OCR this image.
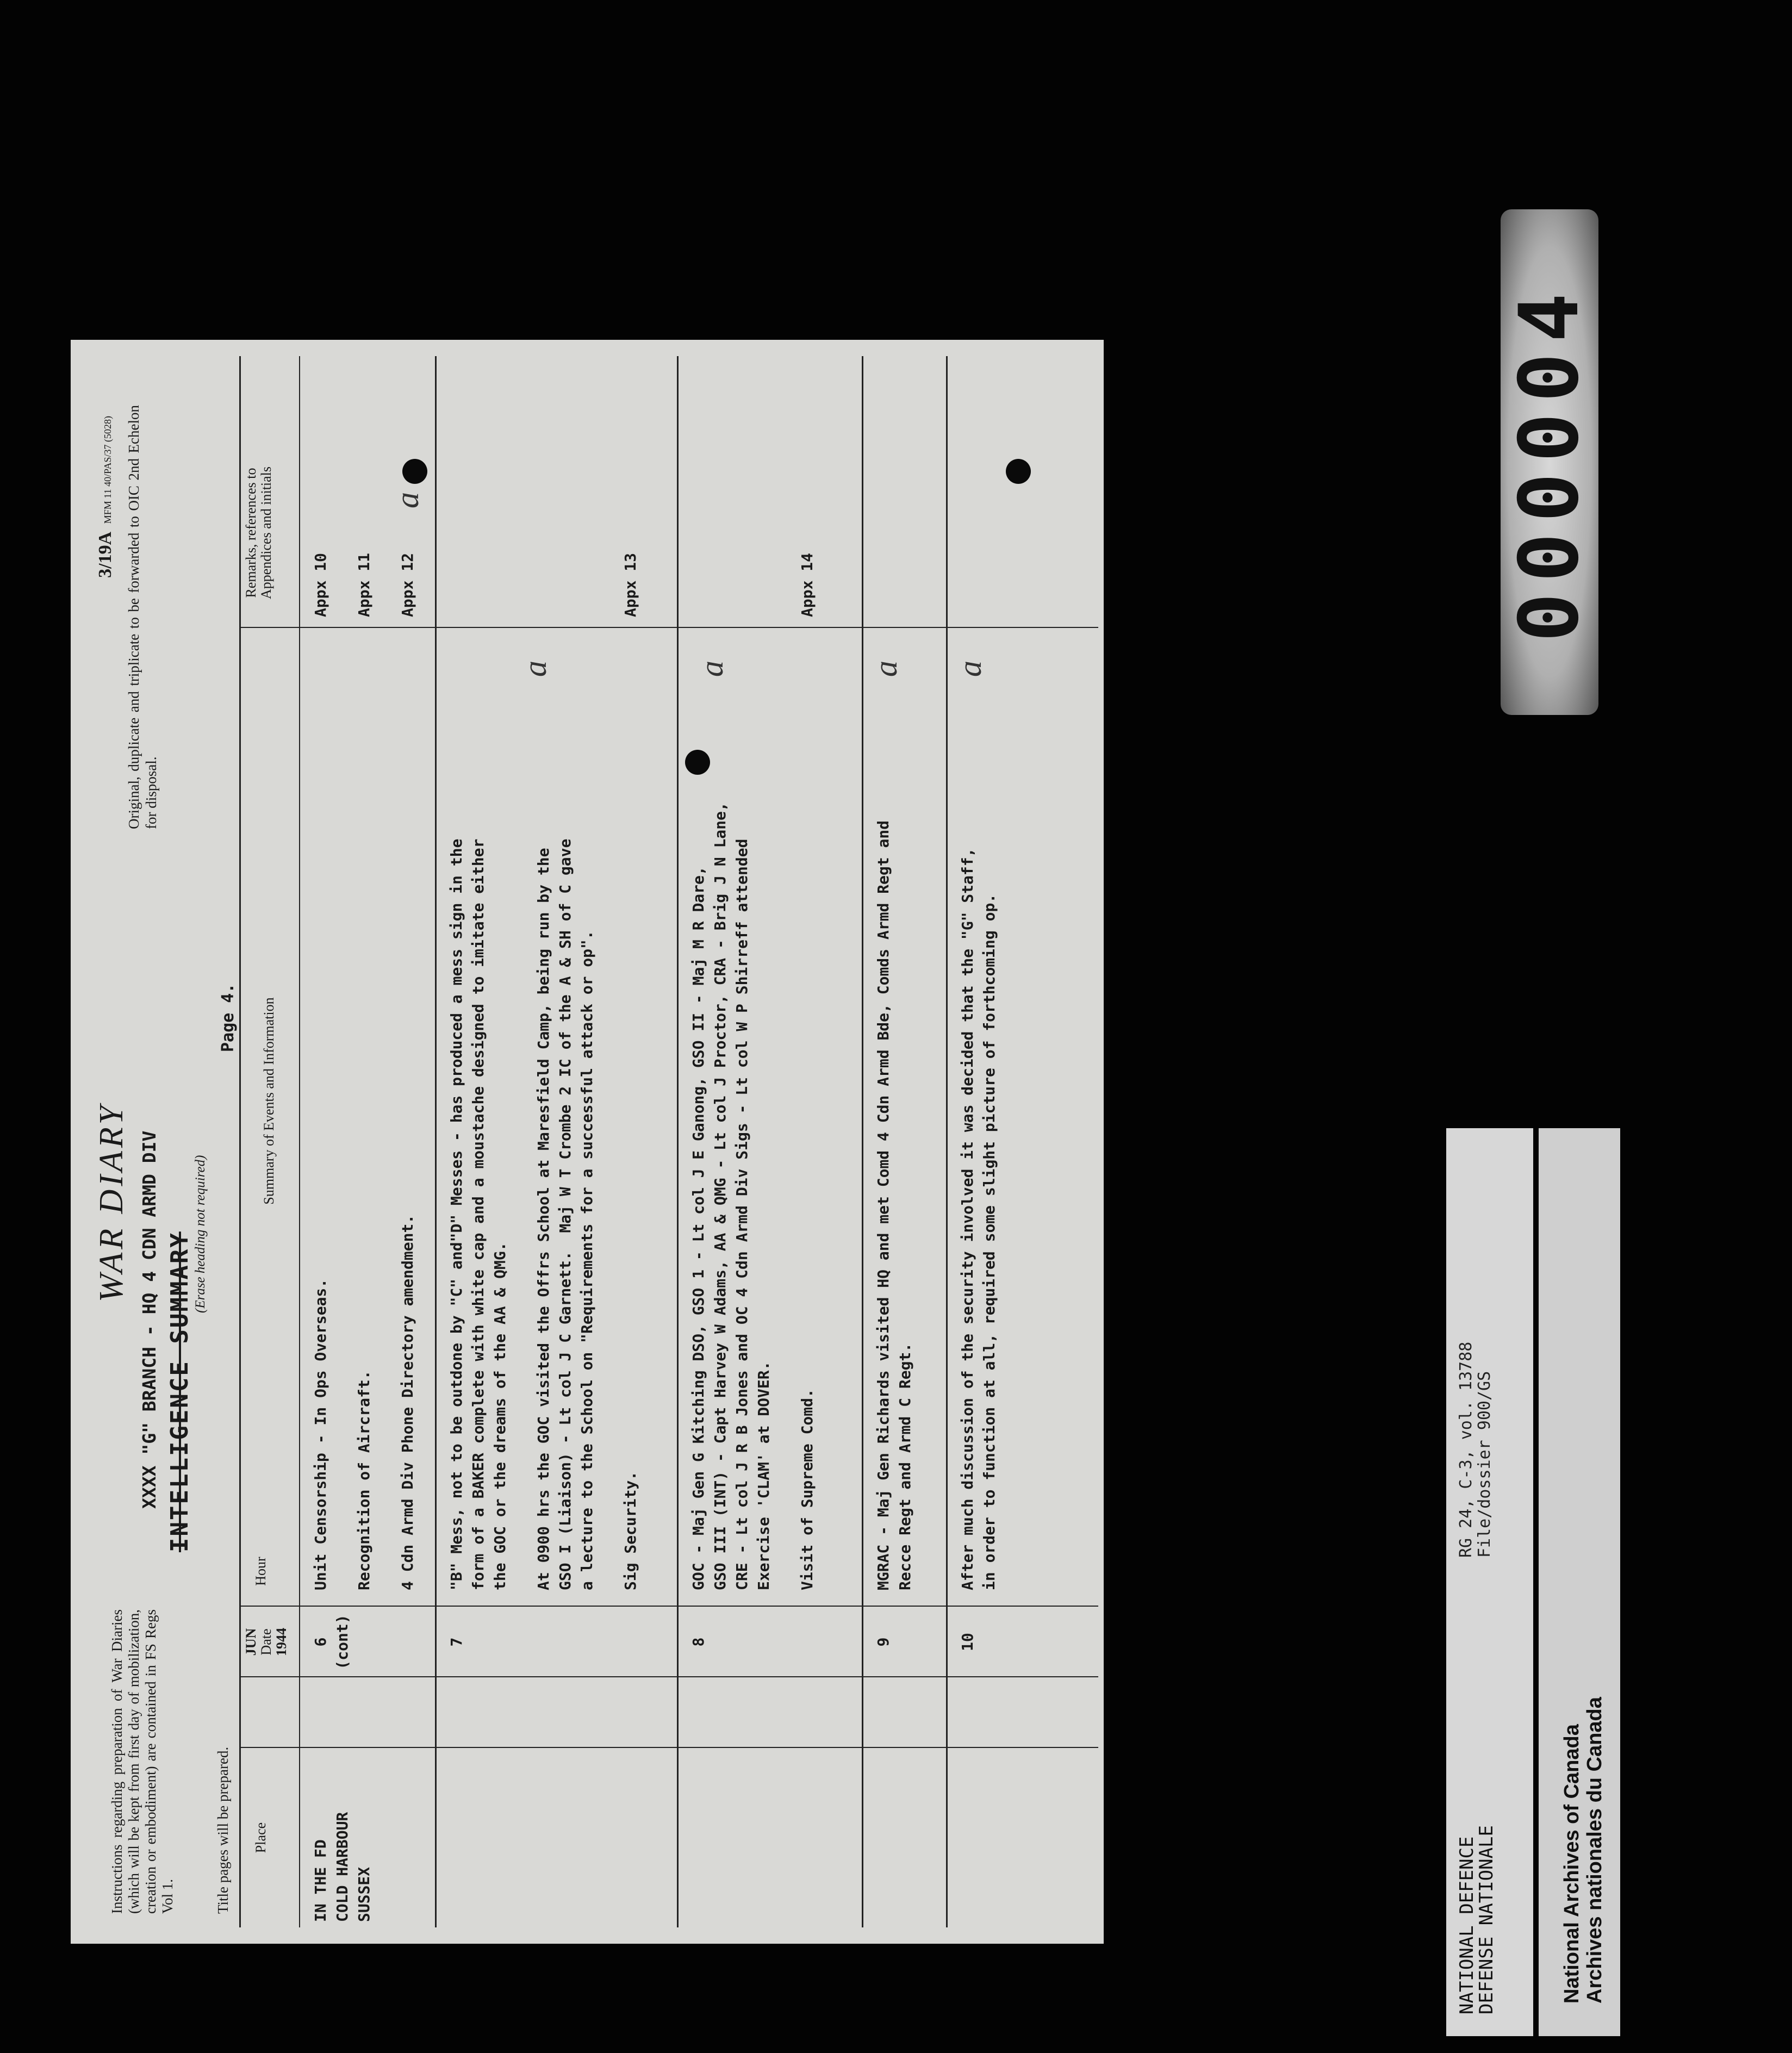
Instructions regarding preparation of War Diaries (which will be kept from first day of mobilization, creation or embodiment) are contained in FS Regs Vol 1.	Title pages will be prepared.
3/19A MFM 11 40/PAS/37 (5028) Original, duplicate and triplicate to be forwarded to OIC 2nd Echelon for disposal.
WAR DIARY XXXX "G" BRANCH - HQ 4 CDN ARMD DIV INTELLIGENCE SUMMARY (Erase heading not required)
Page 4.
Place
JUN Date 1944
Hour
Summary of Events and Information
Remarks, references to Appendices and initials
IN THE FD
COLD HARBOUR
SUSSEX
6
(cont)
Unit Censorship - In Ops Overseas.

Recognition of Aircraft.

4 Cdn Armd Div Phone Directory amendment.
Appx 10

Appx 11

Appx 12
a
7
"B" Mess, not to be outdone by "C" and"D" Messes - has produced a mess sign in the
form of a BAKER complete with white cap and a moustache designed to imitate either
the GOC or the dreams of the AA & QMG.

At 0900 hrs the GOC visited the Offrs School at Maresfield Camp, being run by the
GSO I (Liaison) - Lt col J C Garnett.  Maj W T Crombe 2 IC of the A & SH of C gave
a lecture to the School on "Requirements for a successful attack or op".

Sig Security.

Appx 13
a
8
GOC - Maj Gen G Kitching DSO, GSO 1 - Lt col J E Ganong, GSO II - Maj M R Dare,
GSO III (INT) - Capt Harvey W Adams, AA & QMG - Lt col J Proctor, CRA - Brig J N Lane,
CRE - Lt col J R B Jones and OC 4 Cdn Armd Div Sigs - Lt col W P Shirreff attended
Exercise 'CLAM' at DOVER.

Visit of Supreme Comd.

Appx 14
a
9
MGRAC - Maj Gen Richards visited HQ and met Comd 4 Cdn Armd Bde, Comds Armd Regt and
Recce Regt and Armd C Regt.
a
10
After much discussion of the security involved it was decided that the "G" Staff,
in order to function at all, required some slight picture of forthcoming op.
a
000004
NATIONAL DEFENCE
DEFENSE NATIONALE
RG 24, C-3, vol. 13788
File/dossier 900/GS
National Archives of Canada
Archives nationales du Canada
